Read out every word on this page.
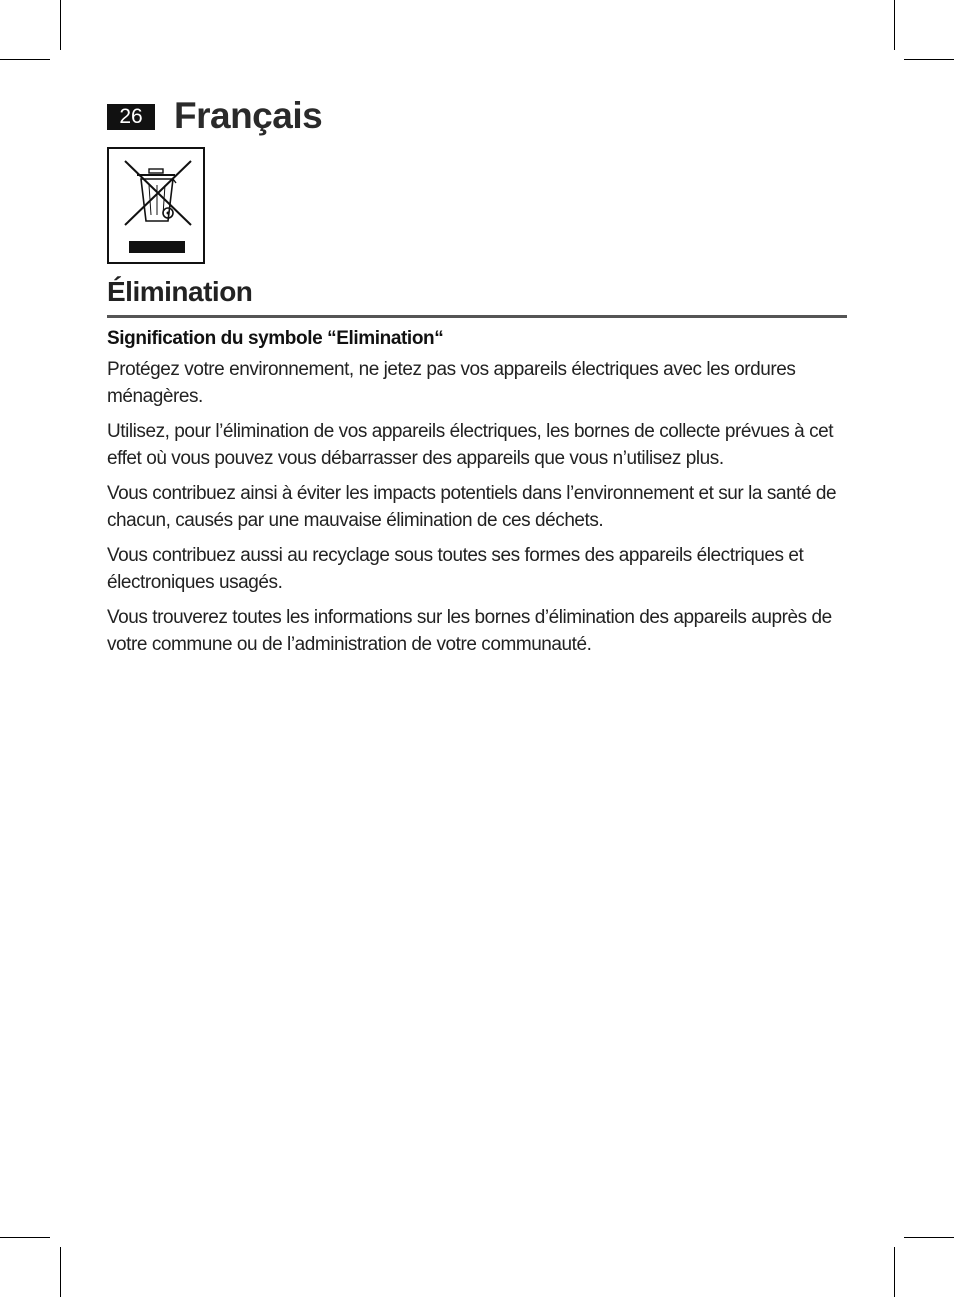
26 Français
Élimination

Signification du symbole “Elimination“

Protégez votre environnement, ne jetez pas vos appareils électriques avec les ordures ménagères.

Utilisez, pour l’élimination de vos appareils électriques, les bornes de collecte prévues à cet effet où vous pouvez vous débarrasser des appareils que vous n’utilisez plus.

Vous contribuez ainsi à éviter les impacts potentiels dans l’environnement et sur la santé de chacun, causés par une mauvaise élimination de ces déchets.

Vous contribuez aussi au recyclage sous toutes ses formes des appareils électriques et électroniques usagés.

Vous trouverez toutes les informations sur les bornes d’élimination des appareils auprès de votre commune ou de l’administration de votre communauté.
